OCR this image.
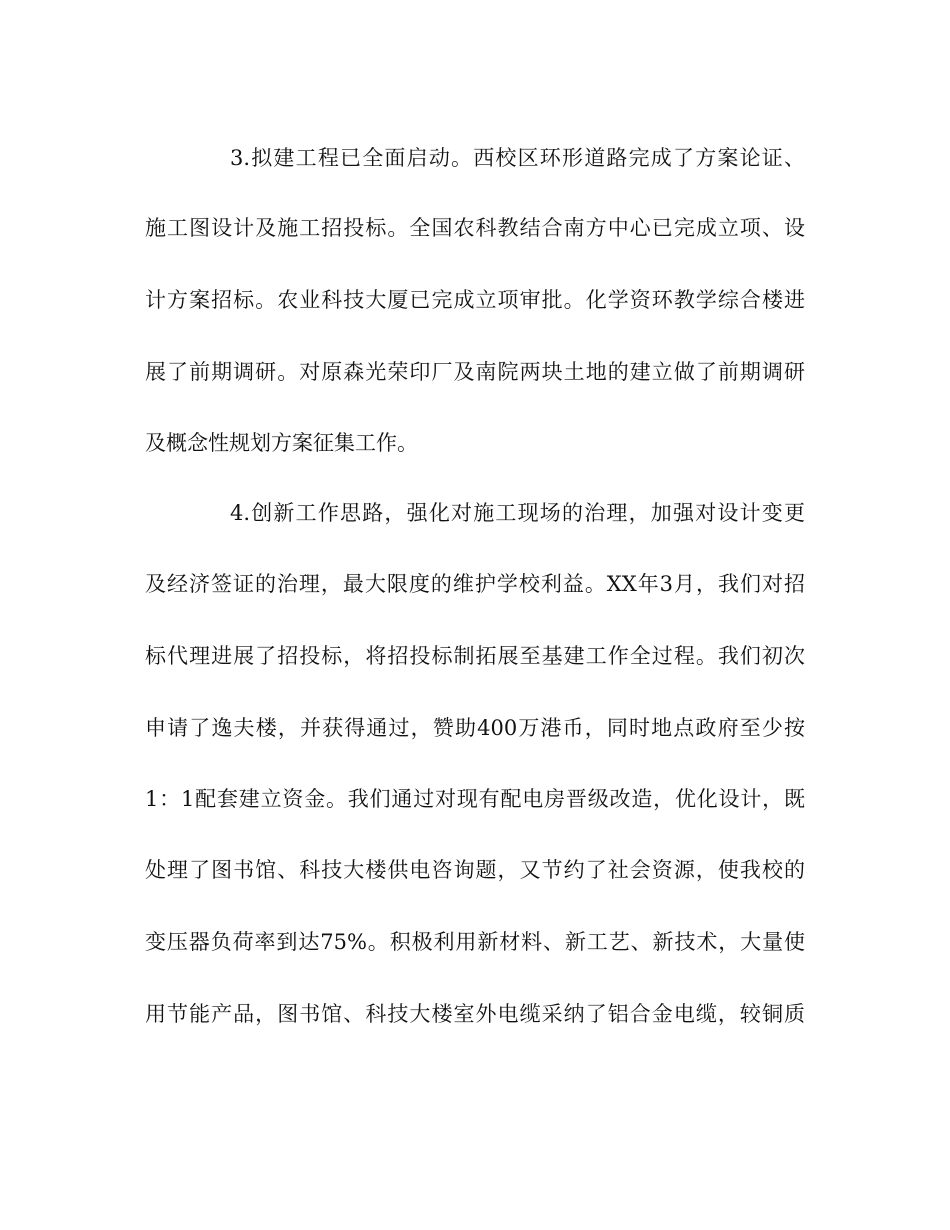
3.拟建工程已全面启动。西校区环形道路完成了方案论证、
施工图设计及施工招投标。全国农科教结合南方中心已完成立项、设
计方案招标。农业科技大厦已完成立项审批。化学资环教学综合楼进
展了前期调研。对原森光荣印厂及南院两块土地的建立做了前期调研
及概念性规划方案征集工作。
4.创新工作思路，强化对施工现场的治理，加强对设计变更
及经济签证的治理，最大限度的维护学校利益。XX年3月，我们对招
标代理进展了招投标，将招投标制拓展至基建工作全过程。我们初次
申请了逸夫楼，并获得通过，赞助400万港币，同时地点政府至少按
1：1配套建立资金。我们通过对现有配电房晋级改造，优化设计，既
处理了图书馆、科技大楼供电咨询题，又节约了社会资源，使我校的
变压器负荷率到达75%。积极利用新材料、新工艺、新技术，大量使
用节能产品，图书馆、科技大楼室外电缆采纳了铝合金电缆，较铜质
